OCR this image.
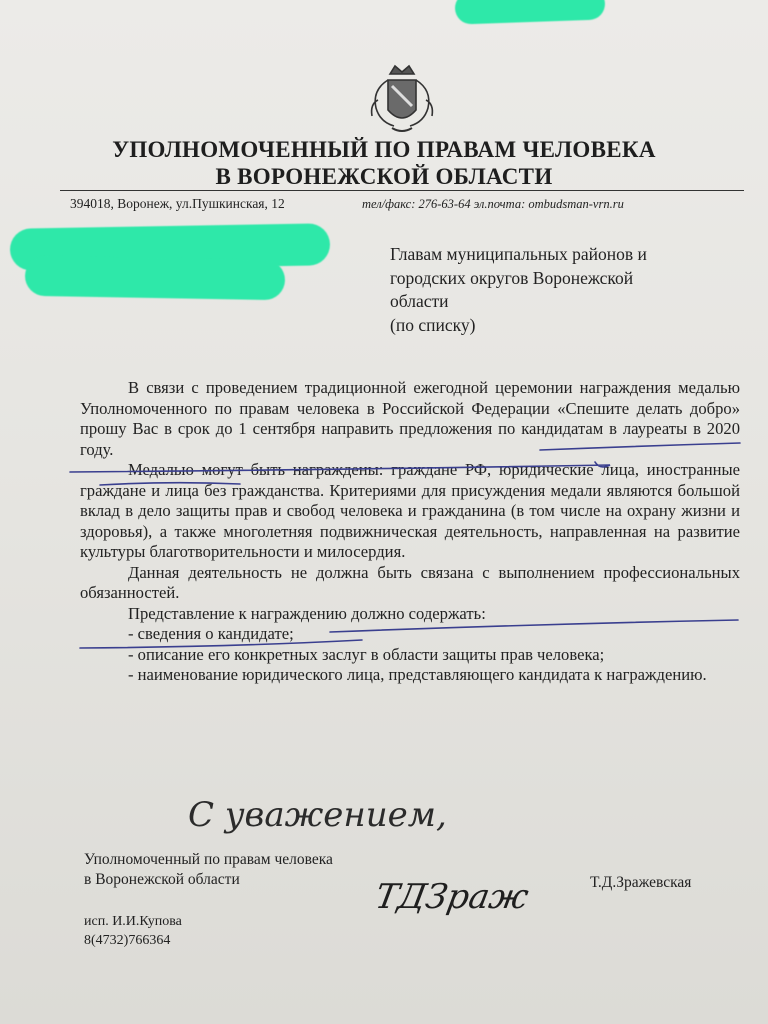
УПОЛНОМОЧЕННЫЙ ПО ПРАВАМ ЧЕЛОВЕКА
В ВОРОНЕЖСКОЙ ОБЛАСТИ
394018, Воронеж, ул.Пушкинская, 12	тел/факс: 276-63-64 эл.почта: ombudsman-vrn.ru
Главам муниципальных районов и
городских округов Воронежской
области
(по списку)

В связи с проведением традиционной ежегодной церемонии награждения медалью Уполномоченного по правам человека в Российской Федерации «Спешите делать добро» прошу Вас в срок до 1 сентября направить предложения по кандидатам в лауреаты в 2020 году.

Медалью могут быть награждены: граждане РФ, юридические лица, иностранные граждане и лица без гражданства. Критериями для присуждения медали являются большой вклад в дело защиты прав и свобод человека и гражданина (в том числе на охрану жизни и здоровья), а также многолетняя подвижническая деятельность, направленная на развитие культуры благотворительности и милосердия.

Данная деятельность не должна быть связана с выполнением профессиональных обязанностей.

Представление к награждению должно содержать:

- сведения о кандидате;

- описание его конкретных заслуг в области защиты прав человека;

- наименование юридического лица, представляющего кандидата к награждению.

С уважением,
Уполномоченный по правам человека
в Воронежской области	ТДЗраж	Т.Д.Зражевская
исп. И.И.Купова
8(4732)766364
